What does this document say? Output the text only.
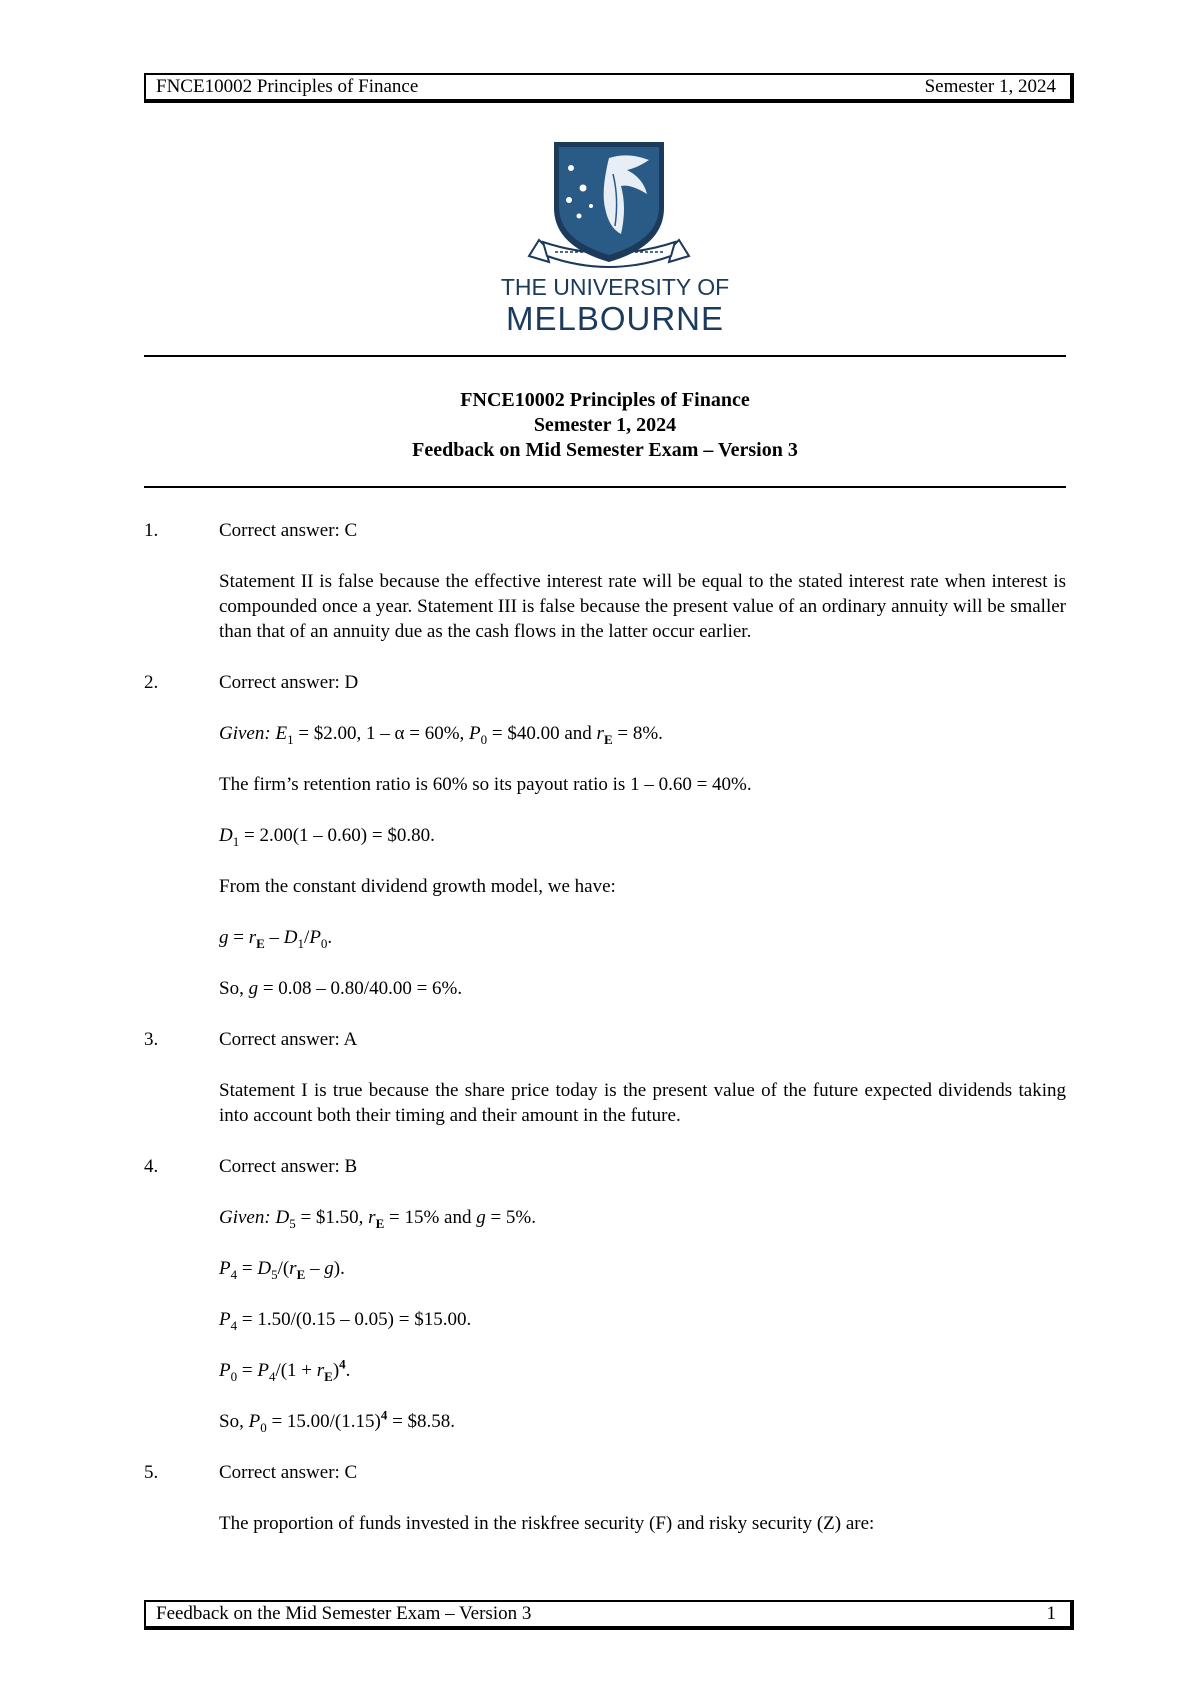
FNCE10002 Principles of Finance	Semester 1, 2024
THE UNIVERSITY OF
MELBOURNE
FNCE10002 Principles of Finance
Semester 1, 2024
Feedback on Mid Semester Exam – Version 3
1.	Correct answer: C
Statement II is false because the effective interest rate will be equal to the stated interest rate when interest is compounded once a year. Statement III is false because the present value of an ordinary annuity will be smaller than that of an annuity due as the cash flows in the latter occur earlier.
2.	Correct answer: D
Given: $E_1$ = $2.00, 1 – α = 60%, $P_0$ = $40.00 and $r_E = 8\%$.
The firm’s retention ratio is 60% so its payout ratio is 1 – 0.60 = 40%.
$D_1 = 2.00(1 - 0.60)$ = $0.80.
From the constant dividend growth model, we have:
$g = r_E - D_1/P_0$.
So, g = 0.08 – 0.80/40.00 = 6%.
3.	Correct answer: A
Statement I is true because the share price today is the present value of the future expected dividends taking into account both their timing and their amount in the future.
4.	Correct answer: B
Given: $D_5$ = $1.50, $r_E = 15\%$ and g = 5%.
$P_4 = D_5/(r_E - g)$.
$P_4 = 1.50/(0.15 - 0.05)$ = $15.00.
$P_0 = P_4/(1 + r_E)^4$.
So, $P_0 = 15.00/(1.15)^4$ = $8.58.
5.	Correct answer: C
The proportion of funds invested in the riskfree security (F) and risky security (Z) are:
Feedback on the Mid Semester Exam – Version 3	1
